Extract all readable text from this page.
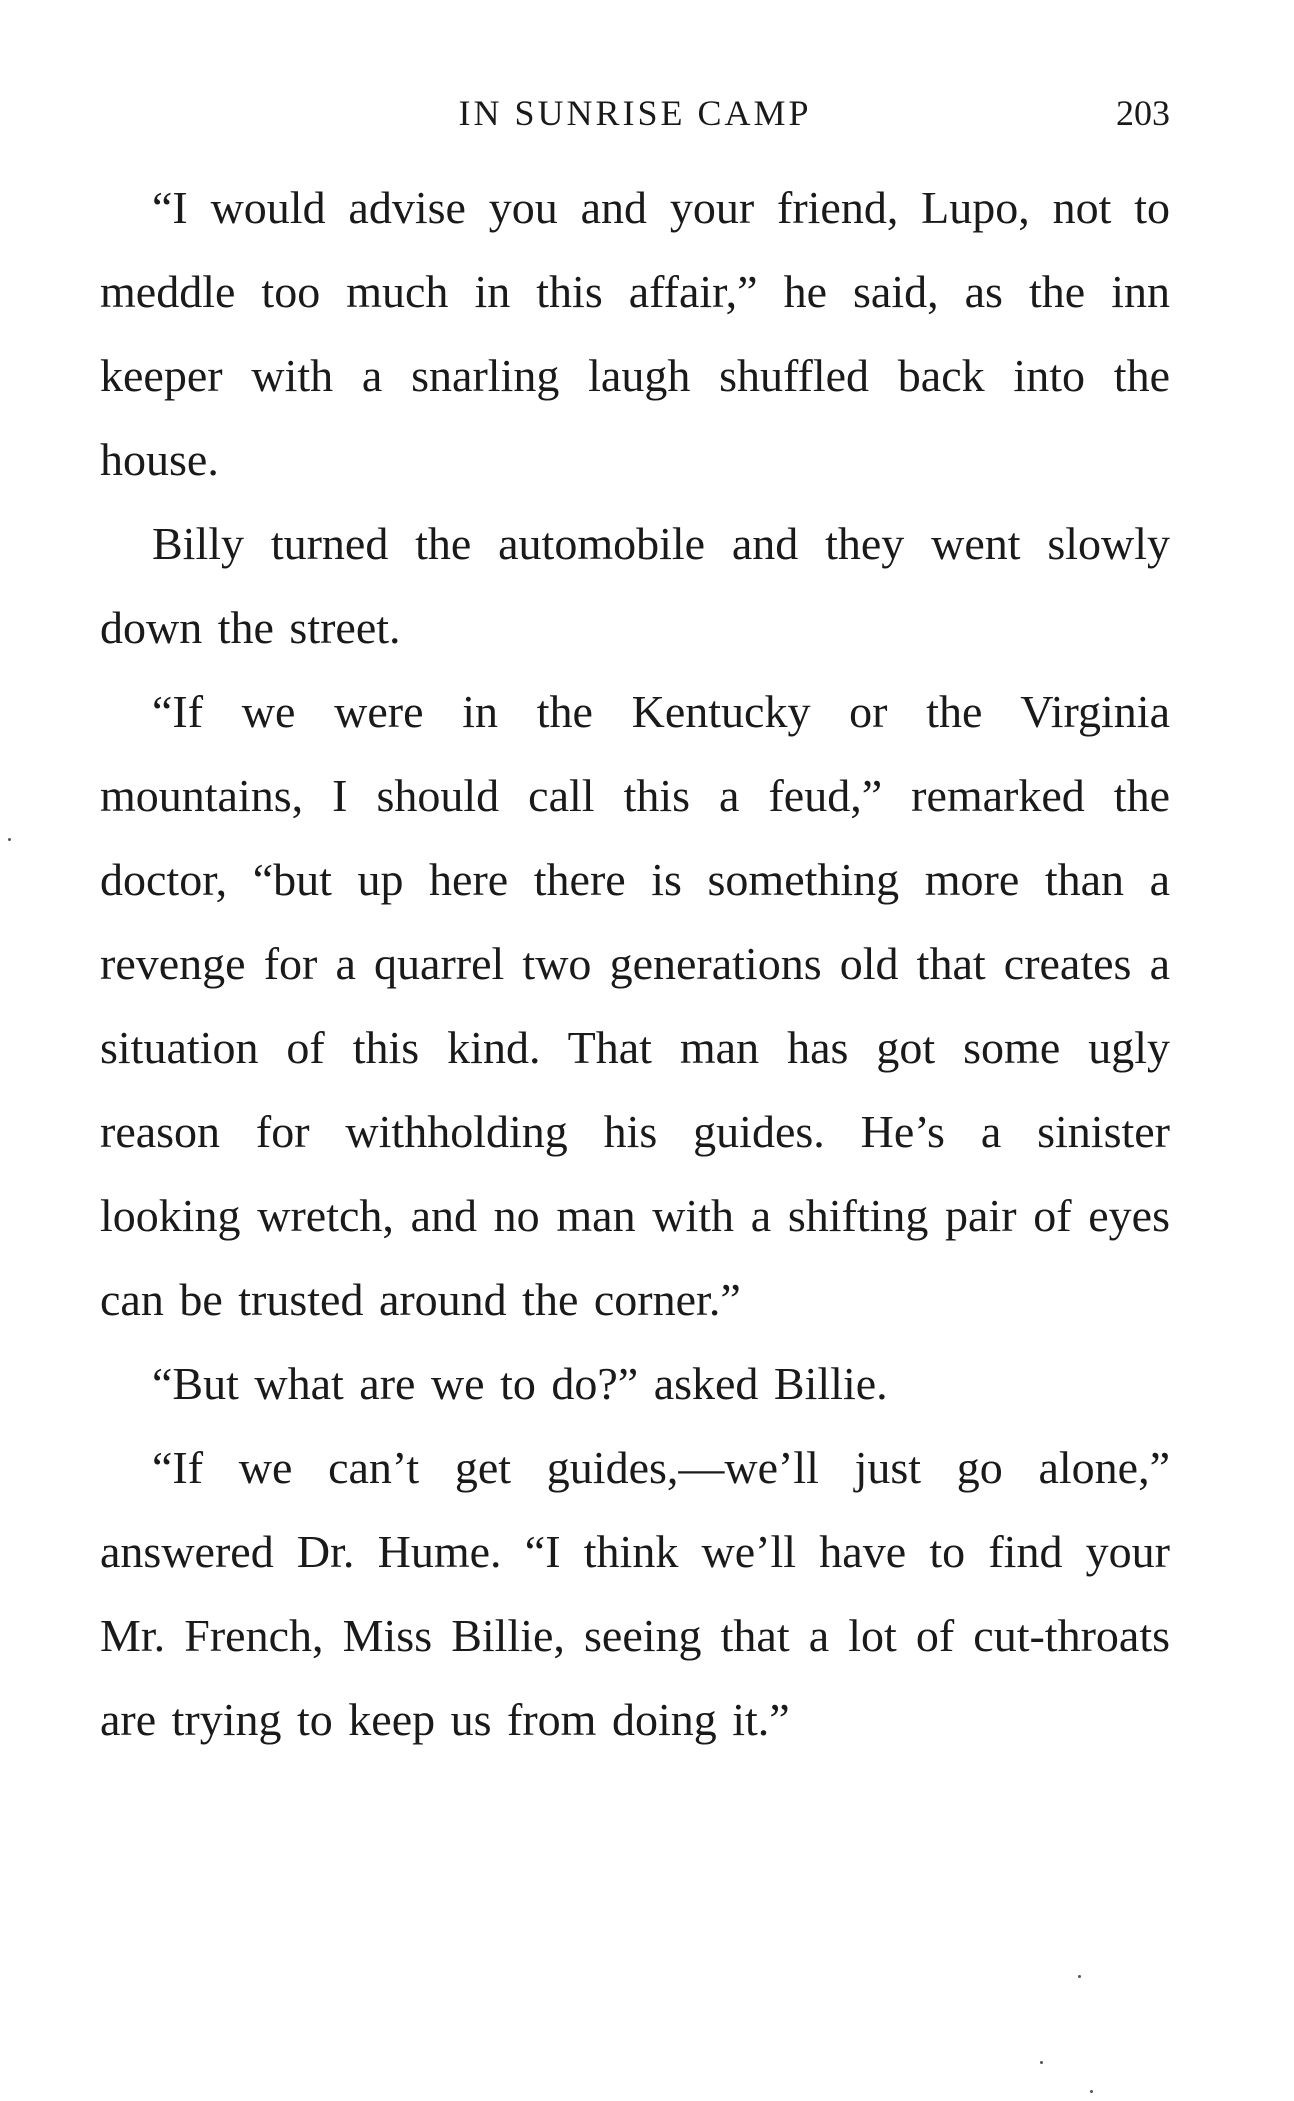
IN SUNRISE CAMP	203

“I would advise you and your friend, Lupo, not to meddle too much in this affair,” he said, as the inn keeper with a snarling laugh shuffled back into the house.

Billy turned the automobile and they went slowly down the street.

“If we were in the Kentucky or the Virginia mountains, I should call this a feud,” remarked the doctor, “but up here there is something more than a revenge for a quarrel two generations old that creates a situation of this kind. That man has got some ugly reason for withholding his guides. He’s a sinister looking wretch, and no man with a shifting pair of eyes can be trusted around the corner.”

“But what are we to do?” asked Billie.

“If we can’t get guides,—we’ll just go alone,” answered Dr. Hume. “I think we’ll have to find your Mr. French, Miss Billie, seeing that a lot of cut-throats are trying to keep us from doing it.”
